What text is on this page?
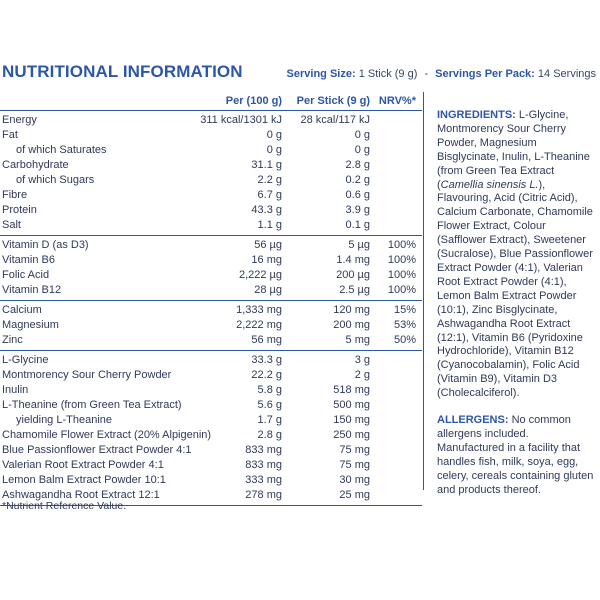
NUTRITIONAL INFORMATION	Serving Size: 1 Stick (9 g) - Servings Per Pack: 14 Servings
Per (100 g) Per Stick (9 g) NRV%*
Energy	311 kcal/1301 kJ 28 kcal/117 kJ
Fat	0 g	0 g
of which Saturates	0 g	0 g
Carbohydrate	31.1 g	2.8 g
of which Sugars	2.2 g	0.2 g
Fibre	6.7 g	0.6 g
Protein	43.3 g	3.9 g
Salt	1.1 g	0.1 g
Vitamin D (as D3)	56 µg	5 µg 100%
Vitamin B6	16 mg	1.4 mg 100%
Folic Acid	2,222 µg	200 µg 100%
Vitamin B12	28 µg	2.5 µg 100%
Calcium	1,333 mg	120 mg 15%
Magnesium	2,222 mg	200 mg 53%
Zinc	56 mg	5 mg 50%
L-Glycine	33.3 g	3 g
Montmorency Sour Cherry Powder	22.2 g	2 g
Inulin	5.8 g	518 mg
L-Theanine (from Green Tea Extract)	5.6 g	500 mg
yielding L-Theanine	1.7 g	150 mg
Chamomile Flower Extract (20% Alpigenin)	2.8 g	250 mg
Blue Passionflower Extract Powder 4:1	833 mg	75 mg
Valerian Root Extract Powder 4:1	833 mg	75 mg
Lemon Balm Extract Powder 10:1	333 mg	30 mg
Ashwagandha Root Extract 12:1	278 mg	25 mg
*Nutrient Reference Value.

INGREDIENTS: L-Glycine, Montmorency Sour Cherry Powder, Magnesium Bisglycinate, Inulin, L-Theanine (from Green Tea Extract (Camellia sinensis L.), Flavouring, Acid (Citric Acid), Calcium Carbonate, Chamomile Flower Extract, Colour (Safflower Extract), Sweetener (Sucralose), Blue Passionflower Extract Powder (4:1), Valerian Root Extract Powder (4:1), Lemon Balm Extract Powder (10:1), Zinc Bisglycinate, Ashwagandha Root Extract (12:1), Vitamin B6 (Pyridoxine Hydrochloride), Vitamin B12 (Cyanocobalamin), Folic Acid (Vitamin B9), Vitamin D3 (Cholecalciferol).

ALLERGENS: No common allergens included. Manufactured in a facility that handles fish, milk, soya, egg, celery, cereals containing gluten and products thereof.
